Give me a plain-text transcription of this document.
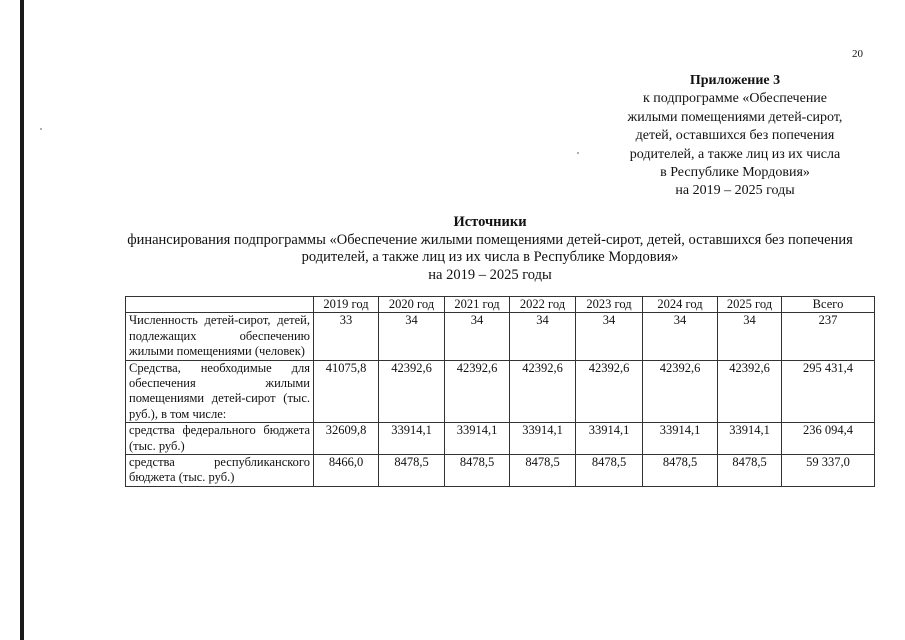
20
Приложение 3
к подпрограмме «Обеспечение
жилыми помещениями детей-сирот,
детей, оставшихся без попечения
родителей, а также лиц из их числа
в Республике Мордовия»
на 2019 – 2025 годы
Источники
финансирования подпрограммы «Обеспечение жилыми помещениями детей-сирот, детей, оставшихся без попечения
родителей, а также лиц из их числа в Республике Мордовия»
на 2019 – 2025 годы
	2019 год	2020 год	2021 год	2022 год	2023 год	2024 год	2025 год	Всего
Численность детей-сирот, детей, подлежащих обеспечению жилыми помещениями (человек)	33	34	34	34	34	34	34	237
Средства, необходимые для обеспечения жилыми помещениями детей-сирот (тыс. руб.), в том числе:	41075,8	42392,6	42392,6	42392,6	42392,6	42392,6	42392,6	295 431,4
средства федерального бюджета (тыс. руб.)	32609,8	33914,1	33914,1	33914,1	33914,1	33914,1	33914,1	236 094,4
средства республиканского бюджета (тыс. руб.)	8466,0	8478,5	8478,5	8478,5	8478,5	8478,5	8478,5	59 337,0
